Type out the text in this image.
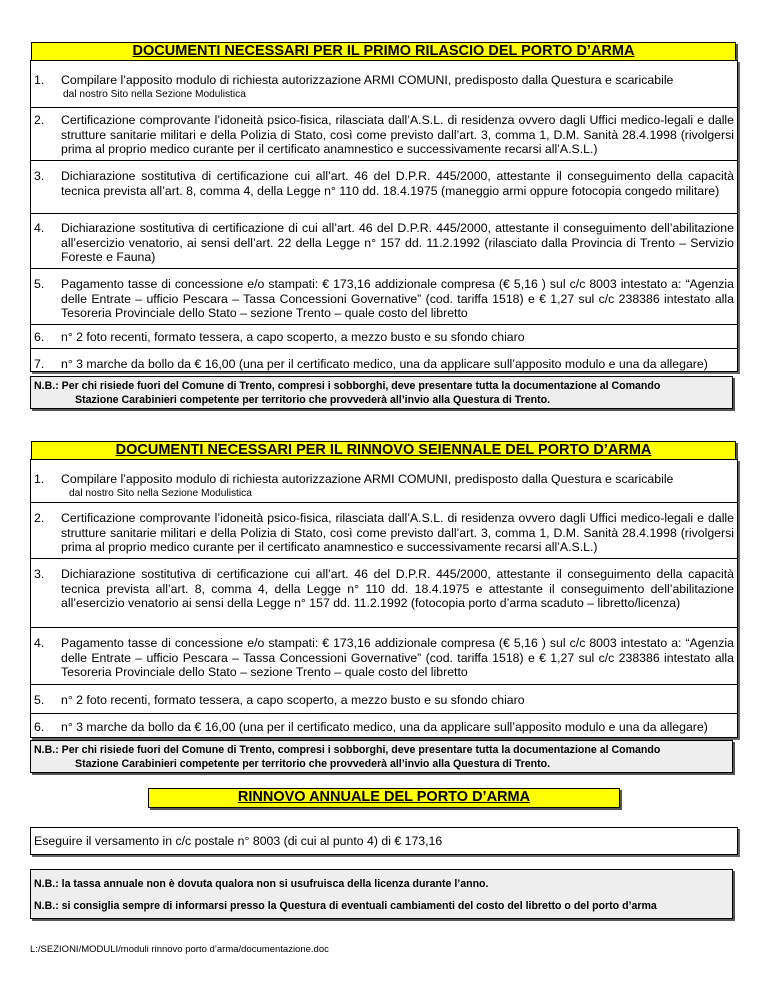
DOCUMENTI NECESSARI PER IL PRIMO RILASCIO DEL PORTO D’ARMA
1. Compilare l’apposito modulo di richiesta autorizzazione ARMI COMUNI, predisposto dalla Questura e scaricabile
dal nostro Sito nella Sezione Modulistica
2. Certificazione comprovante l’idoneità psico-fisica, rilasciata dall’A.S.L. di residenza ovvero dagli Uffici medico-legali e dalle strutture sanitarie militari e della Polizia di Stato, così come previsto dall’art. 3, comma 1, D.M. Sanità 28.4.1998 (rivolgersi prima al proprio medico curante per il certificato anamnestico e successivamente recarsi all’A.S.L.)
3. Dichiarazione sostitutiva di certificazione cui all’art. 46 del D.P.R. 445/2000, attestante il conseguimento della capacità tecnica prevista all’art. 8, comma 4, della Legge n° 110 dd. 18.4.1975 (maneggio armi oppure fotocopia congedo militare)
4. Dichiarazione sostitutiva di certificazione di cui all’art. 46 del D.P.R. 445/2000, attestante il conseguimento dell’abilitazione all’esercizio venatorio, ai sensi dell’art. 22 della Legge n° 157 dd. 11.2.1992 (rilasciato dalla Provincia di Trento – Servizio Foreste e Fauna)
5. Pagamento tasse di concessione e/o stampati: € 173,16 addizionale compresa (€ 5,16 ) sul c/c 8003 intestato a: “Agenzia delle Entrate – ufficio Pescara – Tassa Concessioni Governative” (cod. tariffa 1518) e € 1,27 sul c/c 238386 intestato alla Tesoreria Provinciale dello Stato – sezione Trento – quale costo del libretto
6. n° 2 foto recenti, formato tessera, a capo scoperto, a mezzo busto e su sfondo chiaro
7. n° 3 marche da bollo da € 16,00 (una per il certificato medico, una da applicare sull’apposito modulo e una da allegare)
N.B.: Per chi risiede fuori del Comune di Trento, compresi i sobborghi, deve presentare tutta la documentazione al Comando
Stazione Carabinieri competente per territorio che provvederà all’invio alla Questura di Trento.
DOCUMENTI NECESSARI PER IL RINNOVO SEIENNALE DEL PORTO D’ARMA
1. Compilare l’apposito modulo di richiesta autorizzazione ARMI COMUNI, predisposto dalla Questura e scaricabile
dal nostro Sito nella Sezione Modulistica
2. Certificazione comprovante l’idoneità psico-fisica, rilasciata dall’A.S.L. di residenza ovvero dagli Uffici medico-legali e dalle strutture sanitarie militari e della Polizia di Stato, così come previsto dall’art. 3, comma 1, D.M. Sanità 28.4.1998 (rivolgersi prima al proprio medico curante per il certificato anamnestico e successivamente recarsi all’A.S.L.)
3. Dichiarazione sostitutiva di certificazione cui all’art. 46 del D.P.R. 445/2000, attestante il conseguimento della capacità tecnica prevista all’art. 8, comma 4, della Legge n° 110 dd. 18.4.1975 e attestante il conseguimento dell’abilitazione all’esercizio venatorio ai sensi della Legge n° 157 dd. 11.2.1992 (fotocopia porto d’arma scaduto – libretto/licenza)
4. Pagamento tasse di concessione e/o stampati: € 173,16 addizionale compresa (€ 5,16 ) sul c/c 8003 intestato a: “Agenzia delle Entrate – ufficio Pescara – Tassa Concessioni Governative” (cod. tariffa 1518) e € 1,27 sul c/c 238386 intestato alla Tesoreria Provinciale dello Stato – sezione Trento – quale costo del libretto
5. n° 2 foto recenti, formato tessera, a capo scoperto, a mezzo busto e su sfondo chiaro
6. n° 3 marche da bollo da € 16,00 (una per il certificato medico, una da applicare sull’apposito modulo e una da allegare)
N.B.: Per chi risiede fuori del Comune di Trento, compresi i sobborghi, deve presentare tutta la documentazione al Comando
Stazione Carabinieri competente per territorio che provvederà all’invio alla Questura di Trento.
RINNOVO ANNUALE DEL PORTO D’ARMA
Eseguire il versamento in c/c postale n° 8003 (di cui al punto 4) di € 173,16
N.B.: la tassa annuale non è dovuta qualora non si usufruisca della licenza durante l’anno.
N.B.: si consiglia sempre di informarsi presso la Questura di eventuali cambiamenti del costo del libretto o del porto d’arma
L:/SEZIONI/MODULI/moduli rinnovo porto d’arma/documentazione.doc
